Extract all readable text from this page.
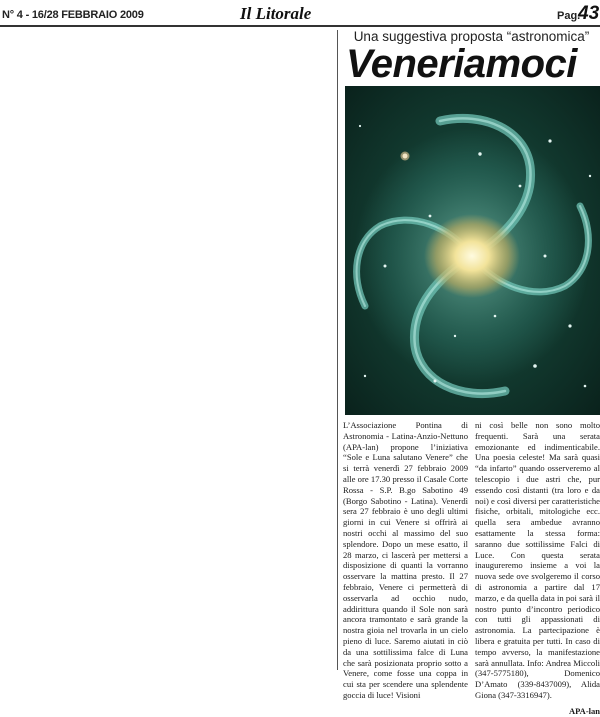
N° 4 - 16/28 FEBBRAIO 2009	Il Litorale	Pag.
43
Una suggestiva proposta “astronomica”
Veneriamoci

L’Associazione Pontina di Astronomia - Latina-Anzio-Nettuno (APA-lan) propone l’iniziativa “Sole e Luna salutano Venere” che si terrà venerdì 27 febbraio 2009 alle ore 17.30 presso il Casale Corte Rossa - S.P. B.go Sabotino 49 (Borgo Sabotino - Latina). Venerdì sera 27 febbraio è uno degli ultimi giorni in cui Venere si offrirà ai nostri occhi al massimo del suo splendore. Dopo un mese esatto, il 28 marzo, ci lascerà per mettersi a disposizione di quanti la vorranno osservare la mattina presto. Il 27 febbraio, Venere ci permetterà di osservarla ad occhio nudo, addirittura quando il Sole non sarà ancora tramontato e sarà grande la nostra gioia nel trovarla in un cielo pieno di luce. Saremo aiutati in ciò da una sottilissima falce di Luna che sarà posizionata proprio sotto a Venere, come fosse una coppa in cui sta per scendere una splendente goccia di luce! Visioni

ni così belle non sono molto frequenti. Sarà una serata emozionante ed indimenticabile. Una poesia celeste! Ma sarà quasi “da infarto” quando osserveremo al telescopio i due astri che, pur essendo così distanti (tra loro e da noi) e così diversi per caratteristiche fisiche, orbitali, mitologiche ecc. quella sera ambedue avranno esattamente la stessa forma: saranno due sottilissime Falci di Luce. Con questa serata inaugureremo insieme a voi la nuova sede ove svolgeremo il corso di astronomia a partire dal 17 marzo, e da quella data in poi sarà il nostro punto d’incontro periodico con tutti gli appassionati di astronomia. La partecipazione è libera e gratuita per tutti. In caso di tempo avverso, la manifestazione sarà annullata. Info: Andrea Miccoli (347-5775180), Domenico D’Amato (339-8437009), Alida Giona (347-3316947).

APA-lan
